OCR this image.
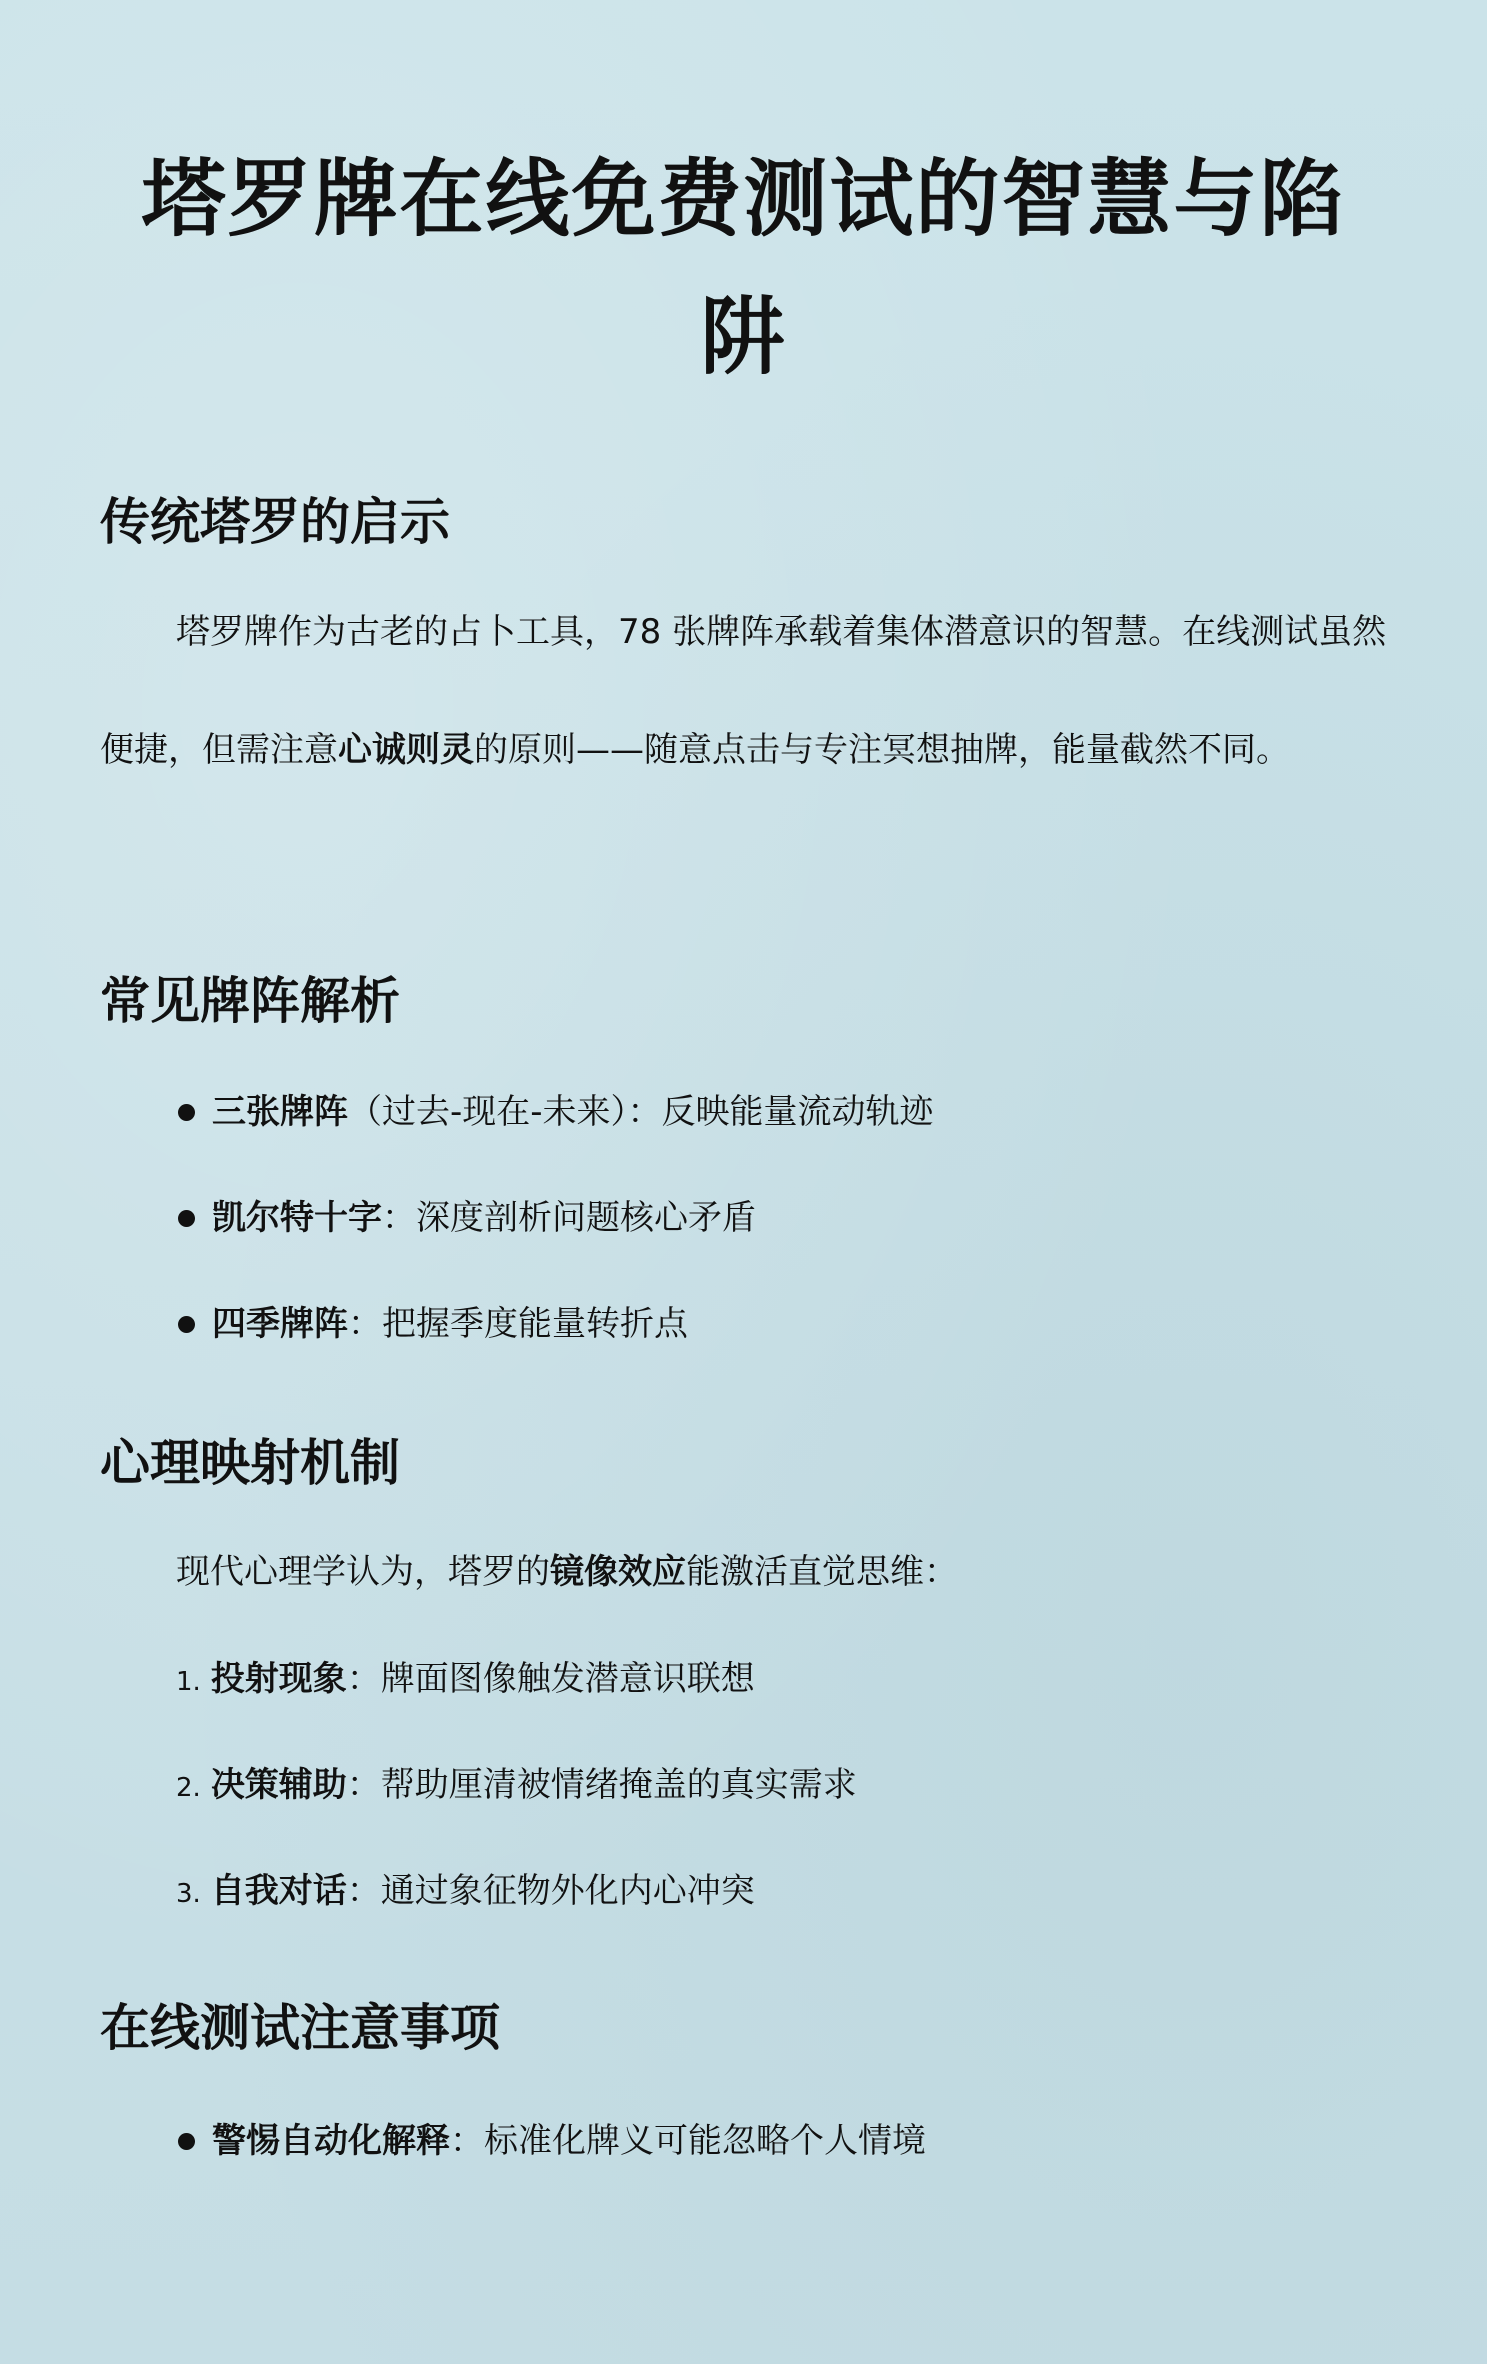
塔罗牌在线免费测试的智慧与陷阱
传统塔罗的启示

塔罗牌作为古老的占卜工具，78 张牌阵承载着集体潜意识的智慧。在线测试虽然便捷，但需注意心诚则灵的原则——随意点击与专注冥想抽牌，能量截然不同。

常见牌阵解析

三张牌阵（过去-现在-未来）：反映能量流动轨迹

凯尔特十字：深度剖析问题核心矛盾

四季牌阵：把握季度能量转折点

心理映射机制

现代心理学认为，塔罗的镜像效应能激活直觉思维：

1. 投射现象：牌面图像触发潜意识联想

2. 决策辅助：帮助厘清被情绪掩盖的真实需求

3. 自我对话：通过象征物外化内心冲突

在线测试注意事项

警惕自动化解释：标准化牌义可能忽略个人情境
